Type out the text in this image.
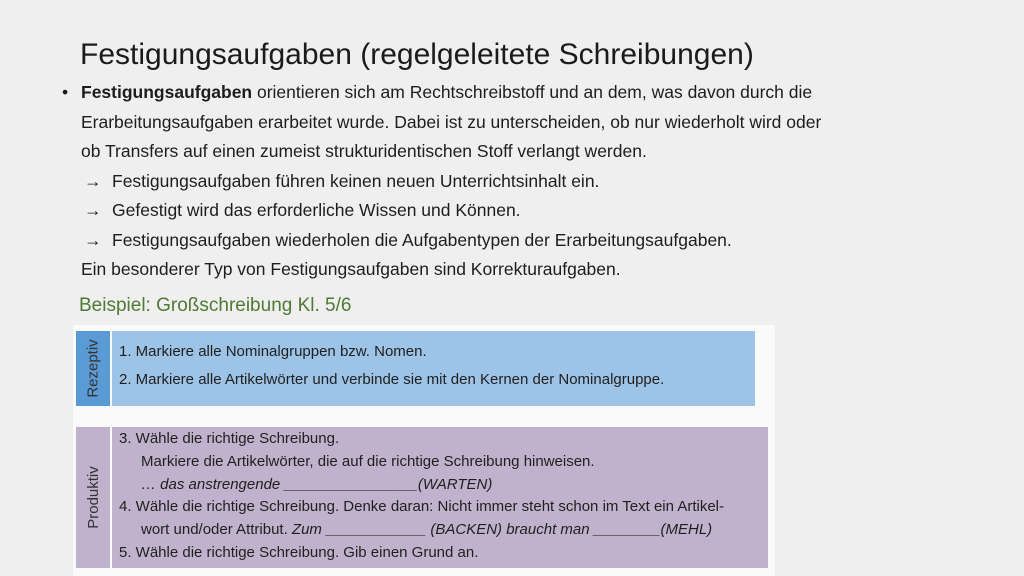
Festigungsaufgaben (regelgeleitete Schreibungen)
• Festigungsaufgaben orientieren sich am Rechtschreibstoff und an dem, was davon durch die
Erarbeitungsaufgaben erarbeitet wurde. Dabei ist zu unterscheiden, ob nur wiederholt wird oder
ob Transfers auf einen zumeist strukturidentischen Stoff verlangt werden.
→ Festigungsaufgaben führen keinen neuen Unterrichtsinhalt ein.
→ Gefestigt wird das erforderliche Wissen und Können.
→ Festigungsaufgaben wiederholen die Aufgabentypen der Erarbeitungsaufgaben.
Ein besonderer Typ von Festigungsaufgaben sind Korrekturaufgaben.
Beispiel: Großschreibung Kl. 5/6
Rezeptiv 1. Markiere alle Nominalgruppen bzw. Nomen.
2. Markiere alle Artikelwörter und verbinde sie mit den Kernen der Nominalgruppe.
Produktiv
3. Wähle die richtige Schreibung.
Markiere die Artikelwörter, die auf die richtige Schreibung hinweisen.
… das anstrengende ________________(WARTEN)
4. Wähle die richtige Schreibung. Denke daran: Nicht immer steht schon im Text ein Artikel-
wort und/oder Attribut. Zum ____________ (BACKEN) braucht man ________(MEHL)
5. Wähle die richtige Schreibung. Gib einen Grund an.
